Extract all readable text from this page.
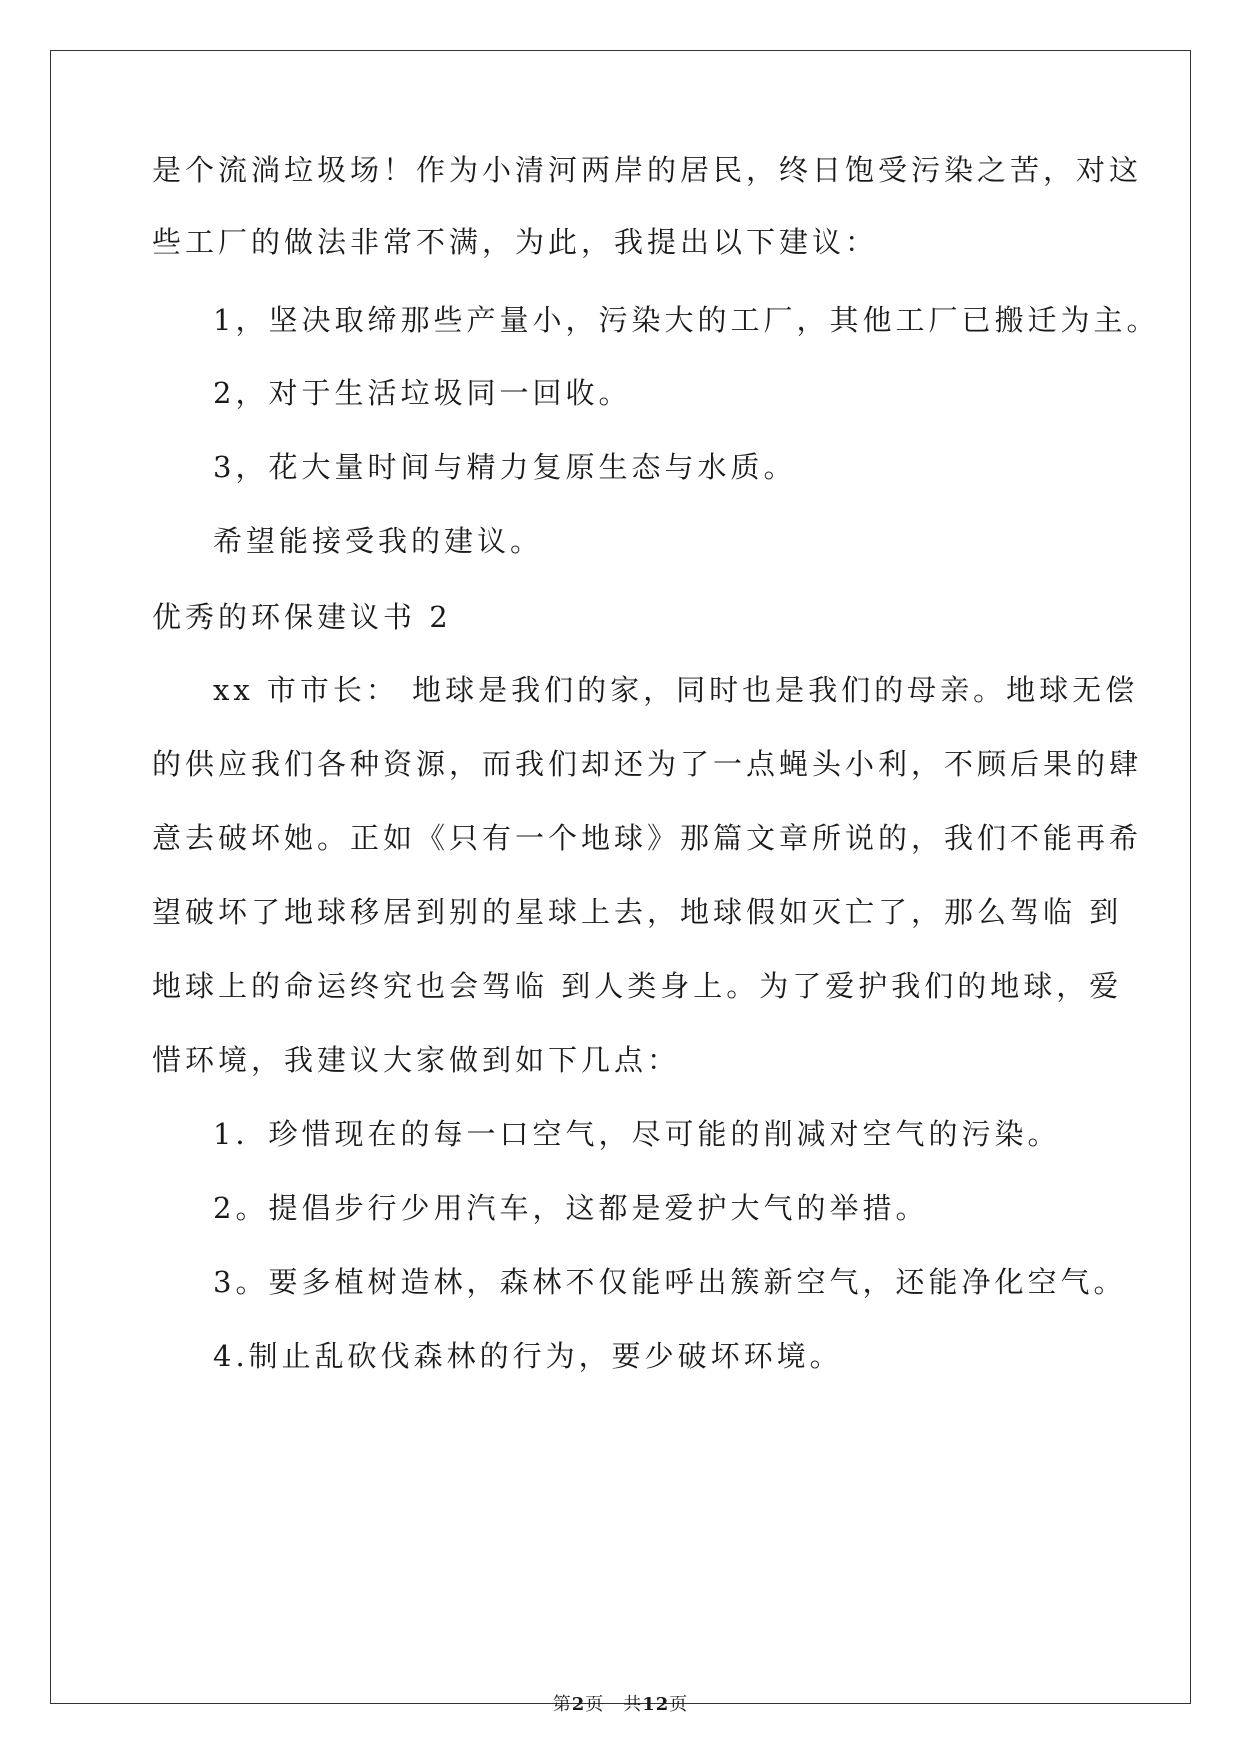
是个流淌垃圾场！作为小清河两岸的居民，终日饱受污染之苦，对这
些工厂的做法非常不满，为此，我提出以下建议：
1，坚决取缔那些产量小，污染大的工厂，其他工厂已搬迁为主。
2，对于生活垃圾同一回收。
3，花大量时间与精力复原生态与水质。
希望能接受我的建议。
优秀的环保建议书 2
xx 市市长： 地球是我们的家，同时也是我们的母亲。地球无偿
的供应我们各种资源，而我们却还为了一点蝇头小利，不顾后果的肆
意去破坏她。正如《只有一个地球》那篇文章所说的，我们不能再希
望破坏了地球移居到别的星球上去，地球假如灭亡了，那么驾临 到
地球上的命运终究也会驾临 到人类身上。为了爱护我们的地球，爱
惜环境，我建议大家做到如下几点：
1．珍惜现在的每一口空气，尽可能的削减对空气的污染。
2。提倡步行少用汽车，这都是爱护大气的举措。
3。要多植树造林，森林不仅能呼出簇新空气，还能净化空气。
4.制止乱砍伐森林的行为，要少破坏环境。
第2页　共12页
